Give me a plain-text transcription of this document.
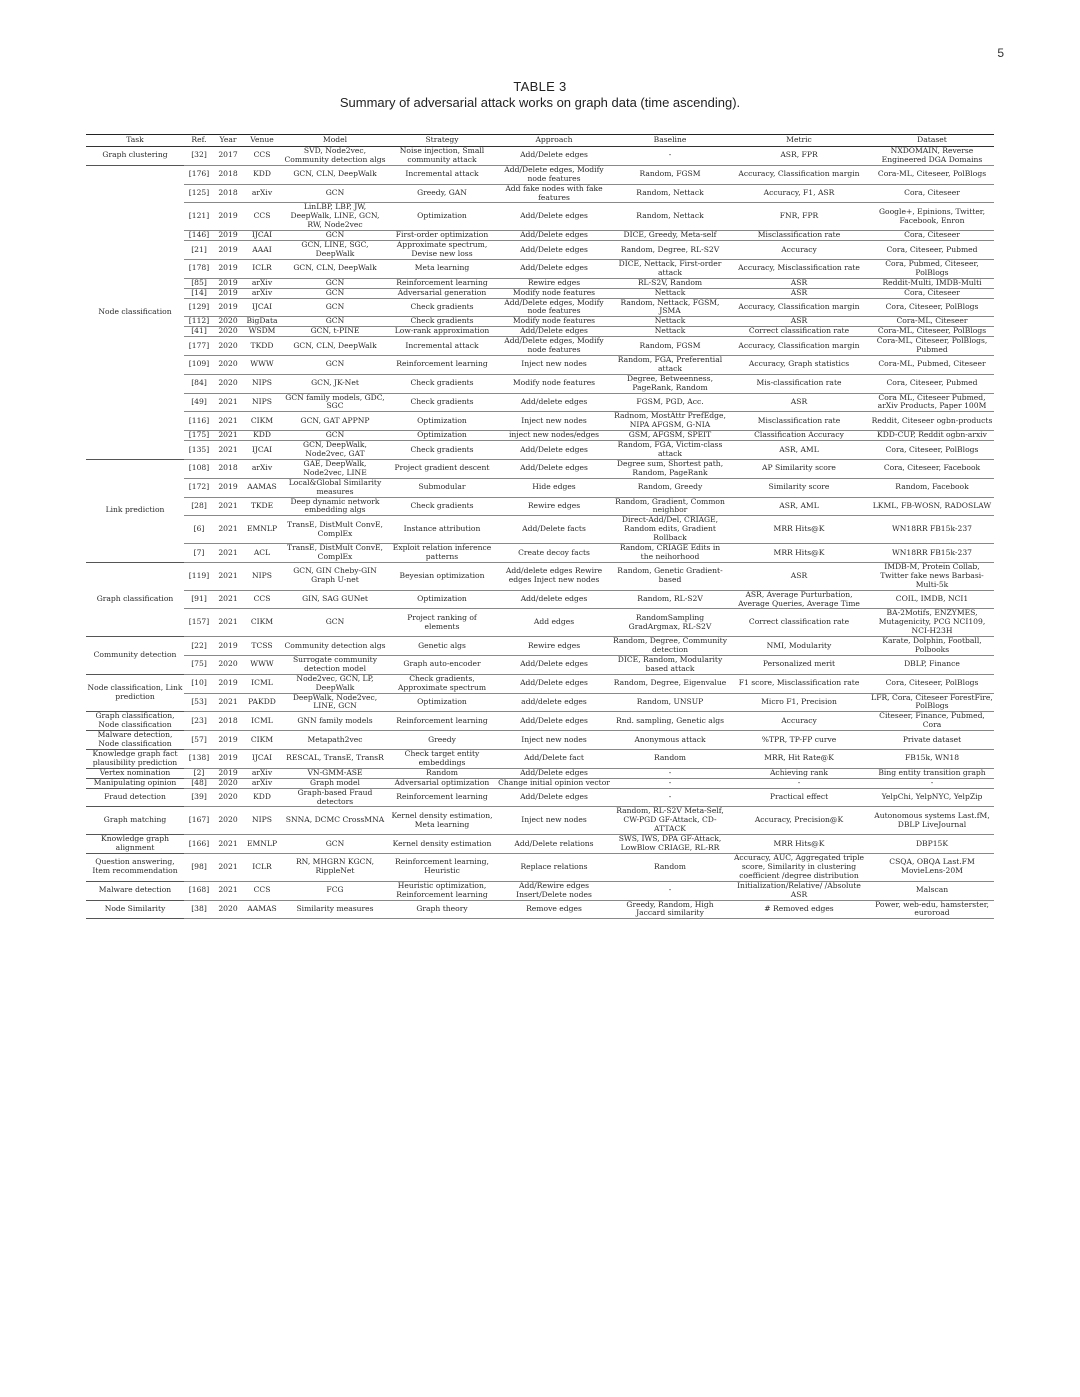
5
TABLE 3
Summary of adversarial attack works on graph data (time ascending).
Task	Ref.	Year	Venue	Model	Strategy	Approach	Baseline	Metric	Dataset
Graph clustering	[32]	2017	CCS	SVD, Node2vec, Community detection algs	Noise injection, Small community attack	Add/Delete edges	-	ASR, FPR	NXDOMAIN, Reverse Engineered DGA Domains
Node classification	[176]	2018	KDD	GCN, CLN, DeepWalk	Incremental attack	Add/Delete edges, Modify node features	Random, FGSM	Accuracy, Classification margin	Cora-ML, Citeseer, PolBlogs
	[125]	2018	arXiv	GCN	Greedy, GAN	Add fake nodes with fake features	Random, Nettack	Accuracy, F1, ASR	Cora, Citeseer
	[121]	2019	CCS	LinLBP, LBP, JW, DeepWalk, LINE, GCN, RW, Node2vec	Optimization	Add/Delete edges	Random, Nettack	FNR, FPR	Google+, Epinions, Twitter, Facebook, Enron
	[146]	2019	IJCAI	GCN	First-order optimization	Add/Delete edges	DICE, Greedy, Meta-self	Misclassification rate	Cora, Citeseer
	[21]	2019	AAAI	GCN, LINE, SGC, DeepWalk	Approximate spectrum, Devise new loss	Add/Delete edges	Random, Degree, RL-S2V	Accuracy	Cora, Citeseer, Pubmed
	[178]	2019	ICLR	GCN, CLN, DeepWalk	Meta learning	Add/Delete edges	DICE, Nettack, First-order attack	Accuracy, Misclassification rate	Cora, Pubmed, Citeseer, PolBlogs
	[85]	2019	arXiv	GCN	Reinforcement learning	Rewire edges	RL-S2V, Random	ASR	Reddit-Multi, IMDB-Multi
	[14]	2019	arXiv	GCN	Adversarial generation	Modify node features	Nettack	ASR	Cora, Citeseer
	[129]	2019	IJCAI	GCN	Check gradients	Add/Delete edges, Modify node features	Random, Nettack, FGSM, JSMA	Accuracy, Classification margin	Cora, Citeseer, PolBlogs
	[112]	2020	BigData	GCN	Check gradients	Modify node features	Nettack	ASR	Cora-ML, Citeseer
	[41]	2020	WSDM	GCN, t-PINE	Low-rank approximation	Add/Delete edges	Nettack	Correct classification rate	Cora-ML, Citeseer, PolBlogs
	[177]	2020	TKDD	GCN, CLN, DeepWalk	Incremental attack	Add/Delete edges, Modify node features	Random, FGSM	Accuracy, Classification margin	Cora-ML, Citeseer, PolBlogs, Pubmed
	[109]	2020	WWW	GCN	Reinforcement learning	Inject new nodes	Random, FGA, Preferential attack	Accuracy, Graph statistics	Cora-ML, Pubmed, Citeseer
	[84]	2020	NIPS	GCN, JK-Net	Check gradients	Modify node features	Degree, Betweenness, PageRank, Random	Mis-classification rate	Cora, Citeseer, Pubmed
	[49]	2021	NIPS	GCN family models, GDC, SGC	Check gradients	Add/delete edges	FGSM, PGD, Acc.	ASR	Cora ML, Citeseer Pubmed, arXiv Products, Paper 100M
	[116]	2021	CIKM	GCN, GAT APPNP	Optimization	Inject new nodes	Radnom, MostAttr PrefEdge, NIPA AFGSM, G-NIA	Misclassification rate	Reddit, Citeseer ogbn-products
	[175]	2021	KDD	GCN	Optimization	inject new nodes/edges	GSM, AFGSM, SPEIT	Classification Accuracy	KDD-CUP, Reddit ogbn-arxiv
	[135]	2021	IJCAI	GCN, DeepWalk, Node2vec, GAT	Check gradients	Add/Delete edges	Random, FGA, Victim-class attack	ASR, AML	Cora, Citeseer, PolBlogs
Link prediction	[108]	2018	arXiv	GAE, DeepWalk, Node2vec, LINE	Project gradient descent	Add/Delete edges	Degree sum, Shortest path, Random, PageRank	AP Similarity score	Cora, Citeseer, Facebook
	[172]	2019	AAMAS	Local&Global Similarity measures	Submodular	Hide edges	Random, Greedy	Similarity score	Random, Facebook
	[28]	2021	TKDE	Deep dynamic network embedding algs	Check gradients	Rewire edges	Random, Gradient, Common neighbor	ASR, AML	LKML, FB-WOSN, RADOSLAW
	[6]	2021	EMNLP	TransE, DistMult ConvE, ComplEx	Instance attribution	Add/Delete facts	Direct-Add/Del, CRIAGE, Random edits, Gradient Rollback	MRR Hits@K	WN18RR FB15k-237
	[7]	2021	ACL	TransE, DistMult ConvE, ComplEx	Exploit relation inference patterns	Create decoy facts	Random, CRIAGE Edits in the neihorhood	MRR Hits@K	WN18RR FB15k-237
Graph classification	[119]	2021	NIPS	GCN, GIN Cheby-GIN Graph U-net	Beyesian optimization	Add/delete edges Rewire edges Inject new nodes	Random, Genetic Gradient-based	ASR	IMDB-M, Protein Collab, Twitter fake news Barbasi-Multi-5k
	[91]	2021	CCS	GIN, SAG GUNet	Optimization	Add/delete edges	Random, RL-S2V	ASR, Average Purturbation, Average Queries, Average Time	COIL, IMDB, NCI1
	[157]	2021	CIKM	GCN	Project ranking of elements	Add edges	RandomSampling GradArgmax, RL-S2V	Correct classification rate	BA-2Motifs, ENZYMES, Mutagenicity, PCG NCI109, NCI-H23H
Community detection	[22]	2019	TCSS	Community detection algs	Genetic algs	Rewire edges	Random, Degree, Community detection	NMI, Modularity	Karate, Dolphin, Football, Polbooks
	[75]	2020	WWW	Surrogate community detection model	Graph auto-encoder	Add/Delete edges	DICE, Random, Modularity based attack	Personalized merit	DBLP, Finance
Node classification, Link prediction	[10]	2019	ICML	Node2vec, GCN, LP, DeepWalk	Check gradients, Approximate spectrum	Add/Delete edges	Random, Degree, Eigenvalue	F1 score, Misclassification rate	Cora, Citeseer, PolBlogs
	[53]	2021	PAKDD	DeepWalk, Node2vec, LINE, GCN	Optimization	add/delete edges	Random, UNSUP	Micro F1, Precision	LFR, Cora, Citeseer ForestFire, PolBlogs
Graph classification, Node classification	[23]	2018	ICML	GNN family models	Reinforcement learning	Add/Delete edges	Rnd. sampling, Genetic algs	Accuracy	Citeseer, Finance, Pubmed, Cora
Malware detection, Node classification	[57]	2019	CIKM	Metapath2vec	Greedy	Inject new nodes	Anonymous attack	%TPR, TP-FP curve	Private dataset
Knowledge graph fact plausibility prediction	[138]	2019	IJCAI	RESCAL, TransE, TransR	Check target entity embeddings	Add/Delete fact	Random	MRR, Hit Rate@K	FB15k, WN18
Vertex nomination	[2]	2019	arXiv	VN-GMM-ASE	Random	Add/Delete edges	-	Achieving rank	Bing entity transition graph
Manipulating opinion	[48]	2020	arXiv	Graph model	Adversarial optimization	Change initial opinion vector	-	-	-
Fraud detection	[39]	2020	KDD	Graph-based Fraud detectors	Reinforcement learning	Add/Delete edges	-	Practical effect	YelpChi, YelpNYC, YelpZip
Graph matching	[167]	2020	NIPS	SNNA, DCMC CrossMNA	Kernel density estimation, Meta learning	Inject new nodes	Random, RL-S2V Meta-Self, CW-PGD GF-Attack, CD-ATTACK	Accuracy, Precision@K	Autonomous systems Last.fM, DBLP LiveJournal
Knowledge graph alignment	[166]	2021	EMNLP	GCN	Kernel density estimation	Add/Delete relations	SWS, IWS, DPA GF-Attack, LowBlow CRIAGE, RL-RR	MRR Hits@K	DBP15K
Question answering, Item recommendation	[98]	2021	ICLR	RN, MHGRN KGCN, RippleNet	Reinforcement learning, Heuristic	Replace relations	Random	Accuracy, AUC, Aggregated triple score, Similarity in clustering coefficient /degree distribution	CSQA, OBQA Last.FM MovieLens-20M
Malware detection	[168]	2021	CCS	FCG	Heuristic optimization, Reinforcement learning	Add/Rewire edges Insert/Delete nodes	-	Initialization/Relative/ /Absolute ASR	Malscan
Node Similarity	[38]	2020	AAMAS	Similarity measures	Graph theory	Remove edges	Greedy, Random, High Jaccard similarity	# Removed edges	Power, web-edu, hamsterster, euroroad
